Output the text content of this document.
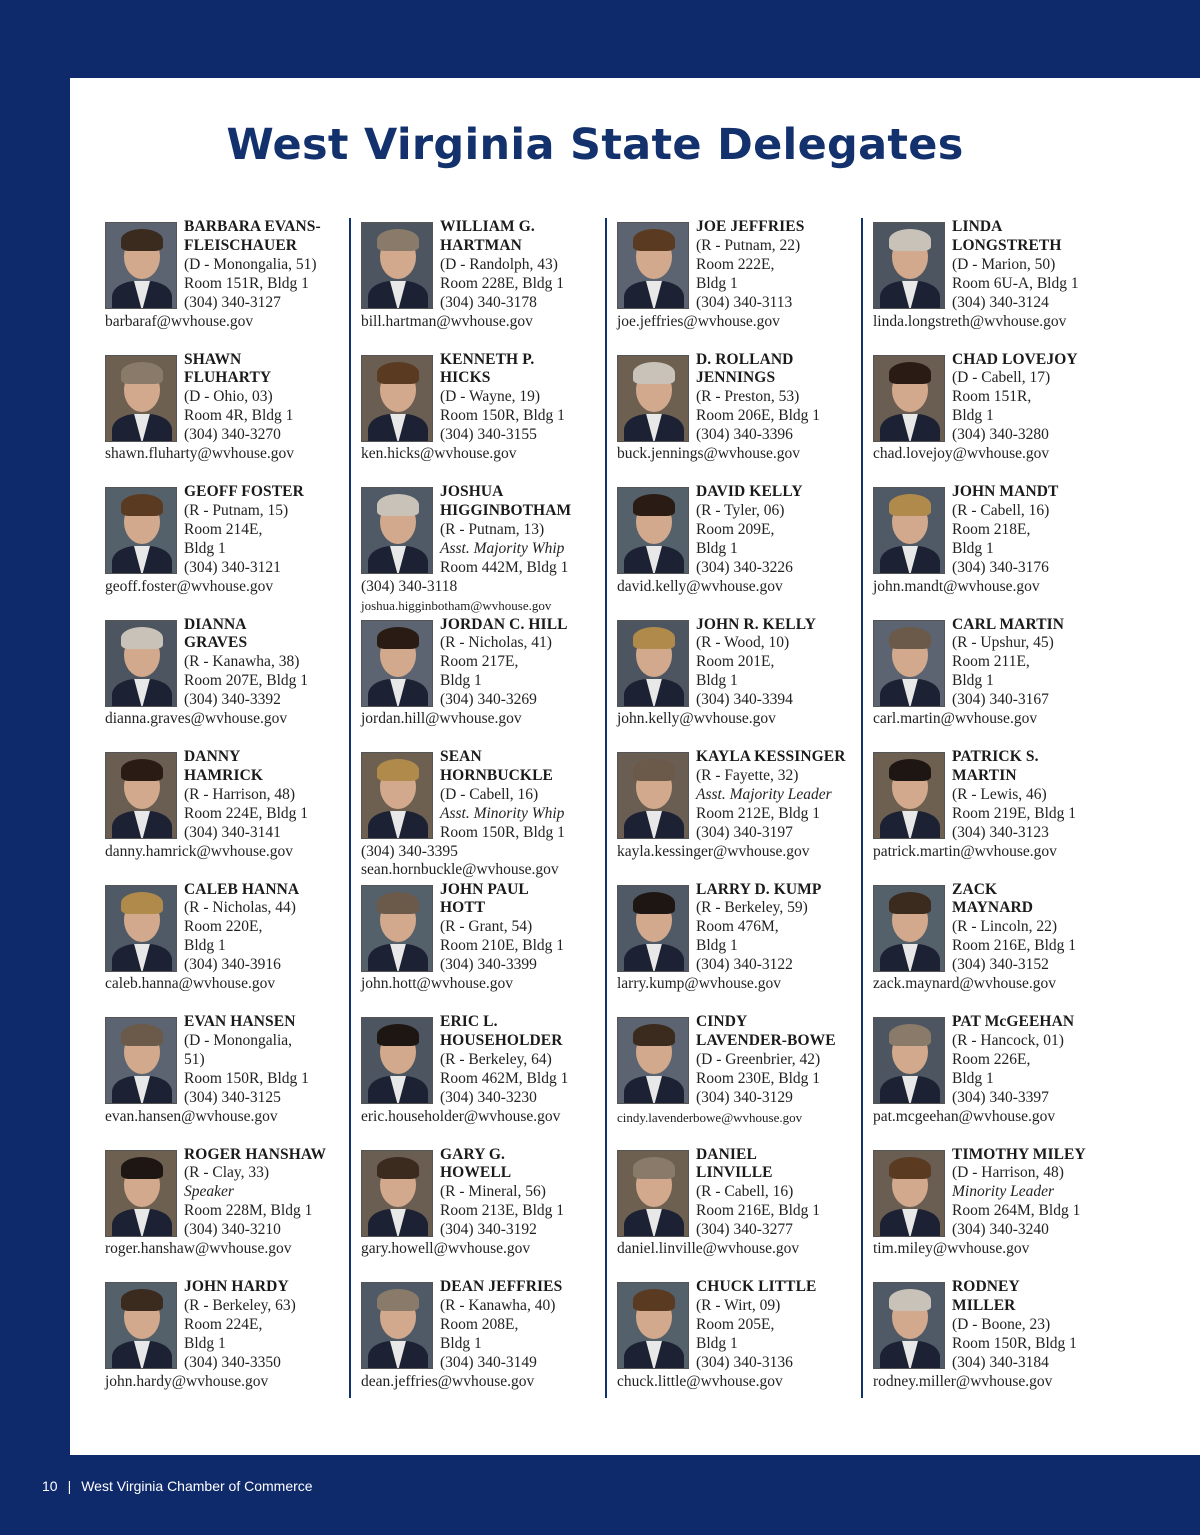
West Virginia State Delegates
BARBARA EVANS-
FLEISCHAUER
(D - Monongalia, 51)
Room 151R, Bldg 1
(304) 340-3127
barbaraf@wvhouse.gov
SHAWN
FLUHARTY
(D - Ohio, 03)
Room 4R, Bldg 1
(304) 340-3270
shawn.fluharty@wvhouse.gov
GEOFF FOSTER
(R - Putnam, 15)
Room 214E,
Bldg 1
(304) 340-3121
geoff.foster@wvhouse.gov
DIANNA
GRAVES
(R - Kanawha, 38)
Room 207E, Bldg 1
(304) 340-3392
dianna.graves@wvhouse.gov
DANNY
HAMRICK
(R - Harrison, 48)
Room 224E, Bldg 1
(304) 340-3141
danny.hamrick@wvhouse.gov
CALEB HANNA
(R - Nicholas, 44)
Room 220E,
Bldg 1
(304) 340-3916
caleb.hanna@wvhouse.gov
EVAN HANSEN
(D - Monongalia,
51)
Room 150R, Bldg 1
(304) 340-3125
evan.hansen@wvhouse.gov
ROGER HANSHAW
(R - Clay, 33)
Speaker
Room 228M, Bldg 1
(304) 340-3210
roger.hanshaw@wvhouse.gov
JOHN HARDY
(R - Berkeley, 63)
Room 224E,
Bldg 1
(304) 340-3350
john.hardy@wvhouse.gov
WILLIAM G.
HARTMAN
(D - Randolph, 43)
Room 228E, Bldg 1
(304) 340-3178
bill.hartman@wvhouse.gov
KENNETH P.
HICKS
(D - Wayne, 19)
Room 150R, Bldg 1
(304) 340-3155
ken.hicks@wvhouse.gov
JOSHUA
HIGGINBOTHAM
(R - Putnam, 13)
Asst. Majority Whip
Room 442M, Bldg 1
(304) 340-3118
joshua.higginbotham@wvhouse.gov
JORDAN C. HILL
(R - Nicholas, 41)
Room 217E,
Bldg 1
(304) 340-3269
jordan.hill@wvhouse.gov
SEAN
HORNBUCKLE
(D - Cabell, 16)
Asst. Minority Whip
Room 150R, Bldg 1
(304) 340-3395
sean.hornbuckle@wvhouse.gov
JOHN PAUL
HOTT
(R - Grant, 54)
Room 210E, Bldg 1
(304) 340-3399
john.hott@wvhouse.gov
ERIC L.
HOUSEHOLDER
(R - Berkeley, 64)
Room 462M, Bldg 1
(304) 340-3230
eric.householder@wvhouse.gov
GARY G.
HOWELL
(R - Mineral, 56)
Room 213E, Bldg 1
(304) 340-3192
gary.howell@wvhouse.gov
DEAN JEFFRIES
(R - Kanawha, 40)
Room 208E,
Bldg 1
(304) 340-3149
dean.jeffries@wvhouse.gov
JOE JEFFRIES
(R - Putnam, 22)
Room 222E,
Bldg 1
(304) 340-3113
joe.jeffries@wvhouse.gov
D. ROLLAND
JENNINGS
(R - Preston, 53)
Room 206E, Bldg 1
(304) 340-3396
buck.jennings@wvhouse.gov
DAVID KELLY
(R - Tyler, 06)
Room 209E,
Bldg 1
(304) 340-3226
david.kelly@wvhouse.gov
JOHN R. KELLY
(R - Wood, 10)
Room 201E,
Bldg 1
(304) 340-3394
john.kelly@wvhouse.gov
KAYLA KESSINGER
(R - Fayette, 32)
Asst. Majority Leader
Room 212E, Bldg 1
(304) 340-3197
kayla.kessinger@wvhouse.gov
LARRY D. KUMP
(R - Berkeley, 59)
Room 476M,
Bldg 1
(304) 340-3122
larry.kump@wvhouse.gov
CINDY
LAVENDER-BOWE
(D - Greenbrier, 42)
Room 230E, Bldg 1
(304) 340-3129
cindy.lavenderbowe@wvhouse.gov
DANIEL
LINVILLE
(R - Cabell, 16)
Room 216E, Bldg 1
(304) 340-3277
daniel.linville@wvhouse.gov
CHUCK LITTLE
(R - Wirt, 09)
Room 205E,
Bldg 1
(304) 340-3136
chuck.little@wvhouse.gov
LINDA
LONGSTRETH
(D - Marion, 50)
Room 6U-A, Bldg 1
(304) 340-3124
linda.longstreth@wvhouse.gov
CHAD LOVEJOY
(D - Cabell, 17)
Room 151R,
Bldg 1
(304) 340-3280
chad.lovejoy@wvhouse.gov
JOHN MANDT
(R - Cabell, 16)
Room 218E,
Bldg 1
(304) 340-3176
john.mandt@wvhouse.gov
CARL MARTIN
(R - Upshur, 45)
Room 211E,
Bldg 1
(304) 340-3167
carl.martin@wvhouse.gov
PATRICK S.
MARTIN
(R - Lewis, 46)
Room 219E, Bldg 1
(304) 340-3123
patrick.martin@wvhouse.gov
ZACK
MAYNARD
(R - Lincoln, 22)
Room 216E, Bldg 1
(304) 340-3152
zack.maynard@wvhouse.gov
PAT McGEEHAN
(R - Hancock, 01)
Room 226E,
Bldg 1
(304) 340-3397
pat.mcgeehan@wvhouse.gov
TIMOTHY MILEY
(D - Harrison, 48)
Minority Leader
Room 264M, Bldg 1
(304) 340-3240
tim.miley@wvhouse.gov
RODNEY
MILLER
(D - Boone, 23)
Room 150R, Bldg 1
(304) 340-3184
rodney.miller@wvhouse.gov
10 | West Virginia Chamber of Commerce
